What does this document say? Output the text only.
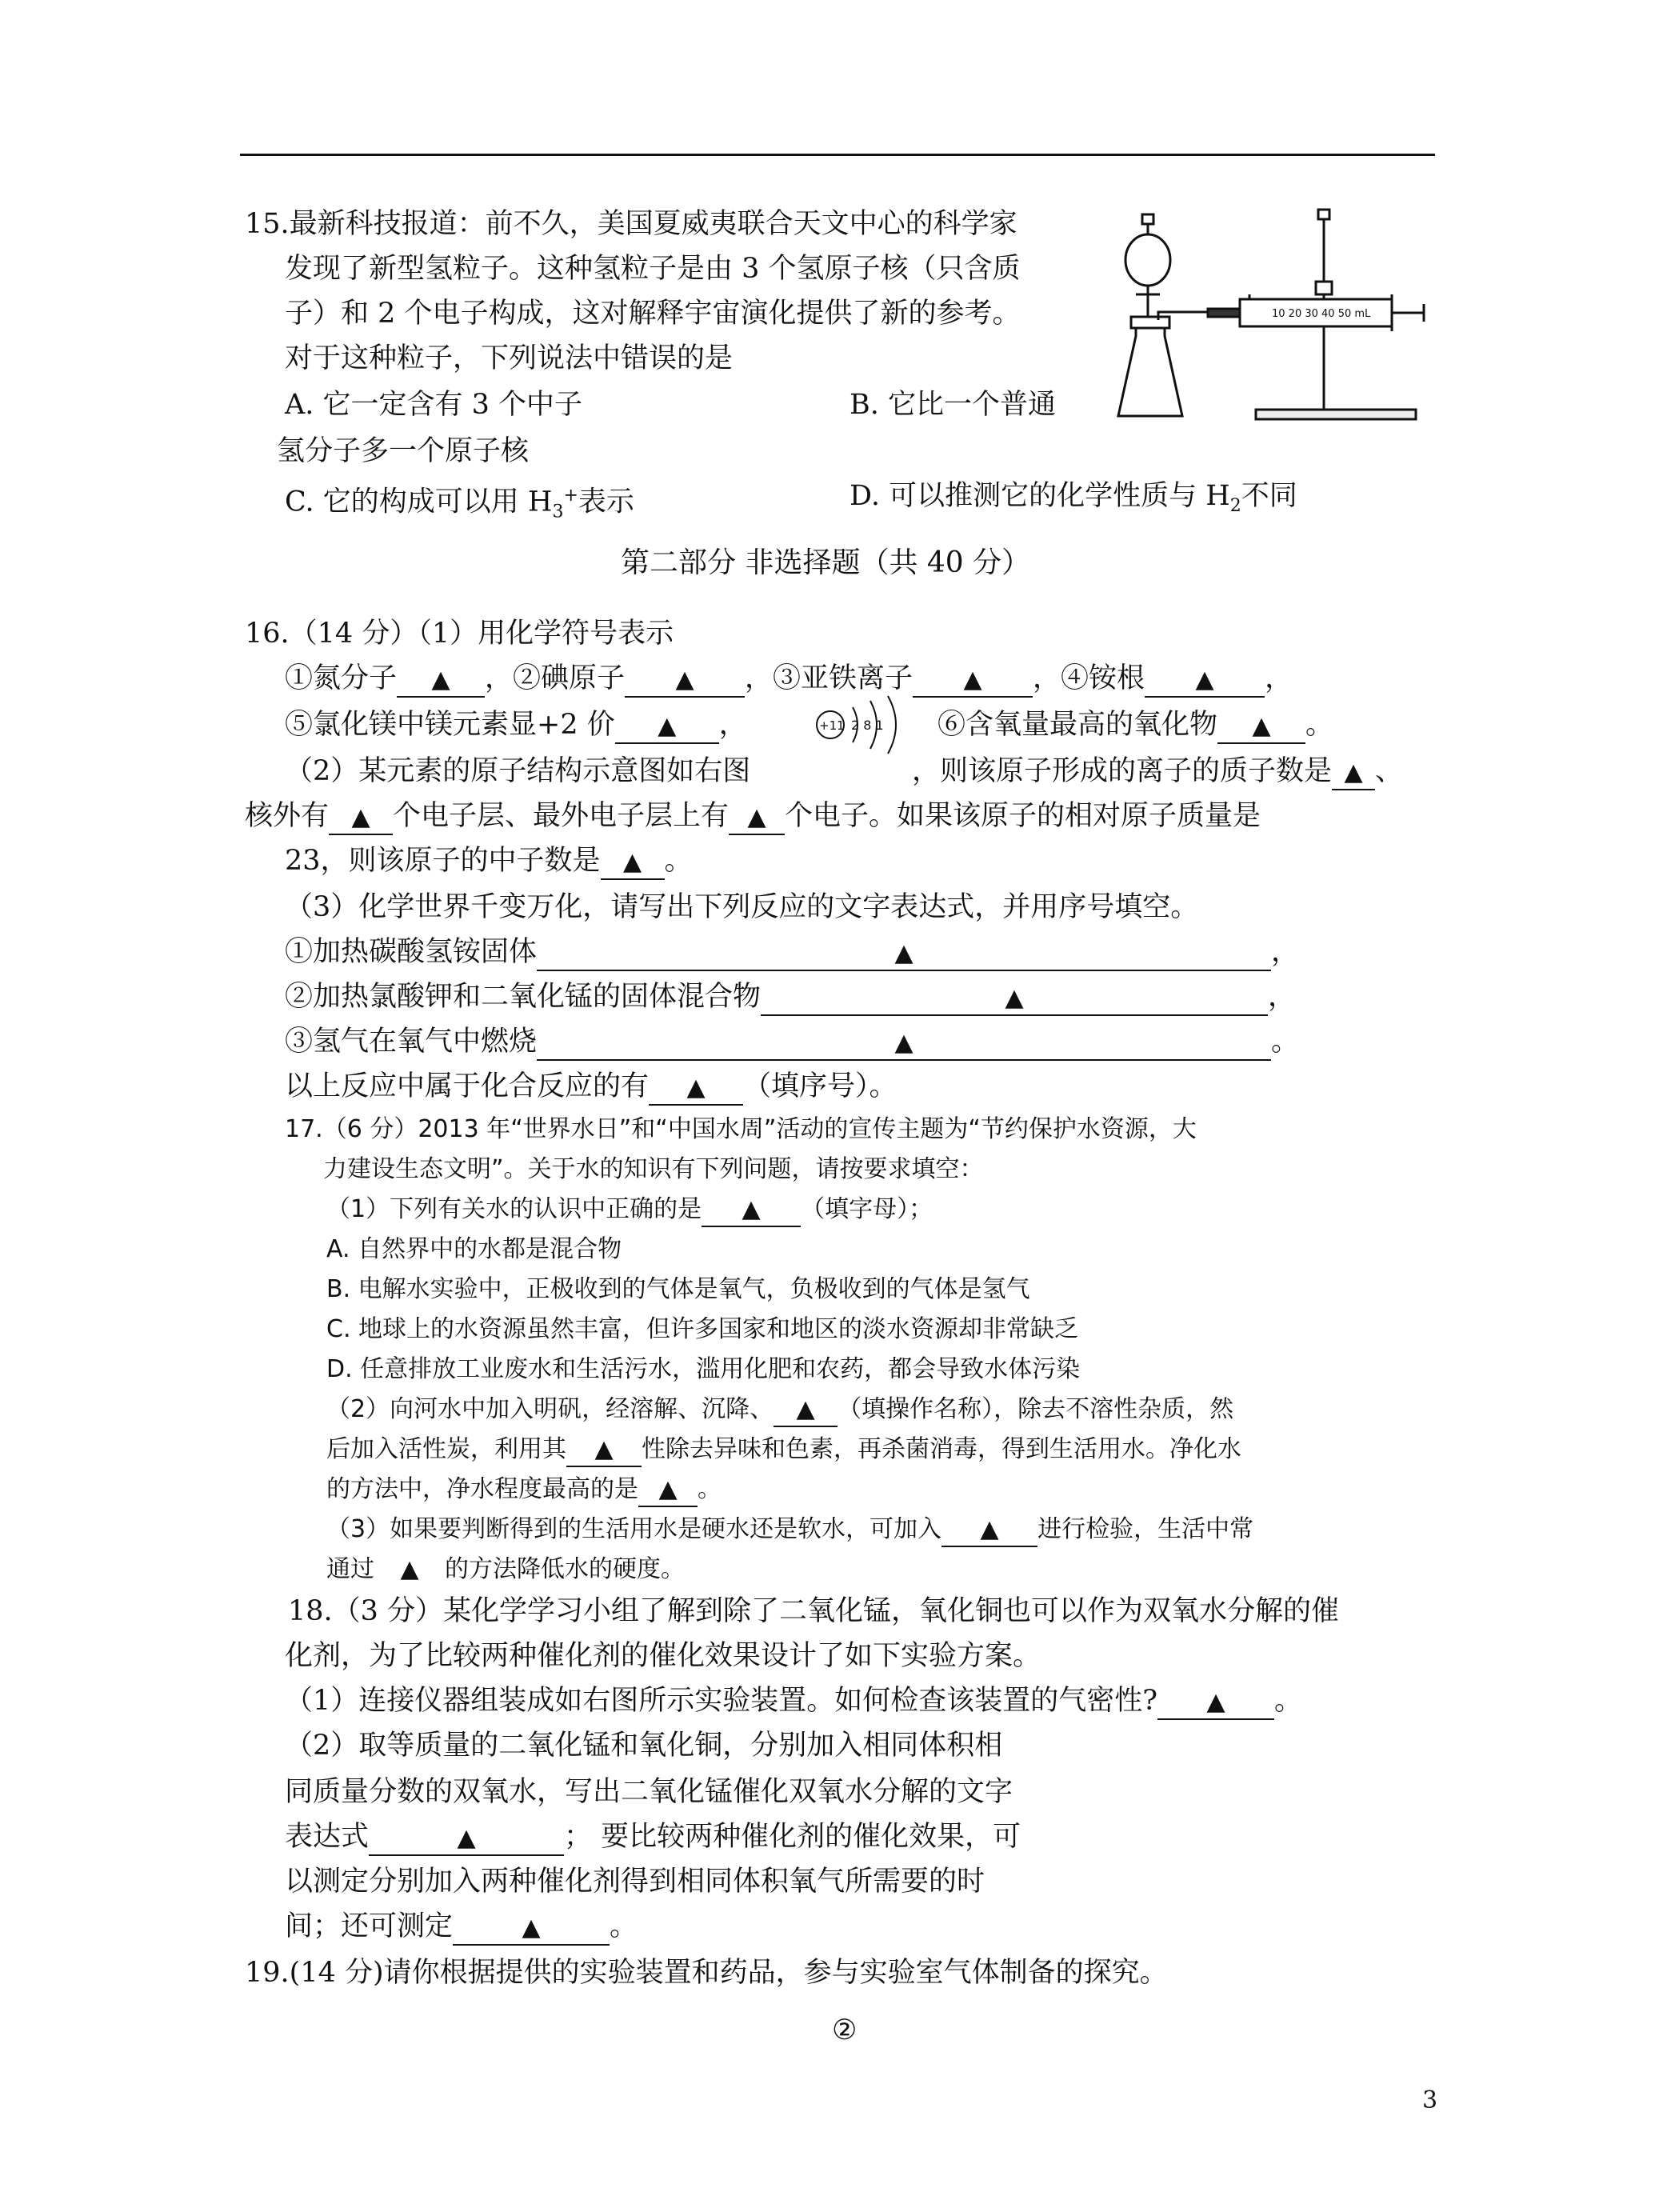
10 20 30 40 50 mL
15.最新科技报道：前不久，美国夏威夷联合天文中心的科学家
发现了新型氢粒子。这种氢粒子是由 3 个氢原子核（只含质
子）和 2 个电子构成，这对解释宇宙演化提供了新的参考。
对于这种粒子，下列说法中错误的是
A. 它一定含有 3 个中子	B. 它比一个普通
氢分子多一个原子核
C. 它的构成可以用 $H_3^+$表示	D. 可以推测它的化学性质与 $H_2$不同
第二部分 非选择题（共 40 分）
16.（14 分）（1）用化学符号表示
①氮分子 ▲ ，②碘原子 ▲ ，③亚铁离子 ▲ ，④铵根 ▲ ，
⑤氯化镁中镁元素显+2 价 ▲ ，	+11 2 8 1 ⑥含氧量最高的氧化物 ▲ 。
（2）某元素的原子结构示意图如右图	，则该原子形成的离子的质子数是 ▲ 、
核外有 ▲ 个电子层、最外电子层上有 ▲ 个电子。如果该原子的相对原子质量是
23，则该原子的中子数是 ▲ 。
（3）化学世界千变万化，请写出下列反应的文字表达式，并用序号填空。
①加热碳酸氢铵固体	▲	，
②加热氯酸钾和二氧化锰的固体混合物	▲	，
③氢气在氧气中燃烧	▲	。
以上反应中属于化合反应的有 ▲ （填序号）。
17.（6 分）2013 年“世界水日”和“中国水周”活动的宣传主题为“节约保护水资源，大
力建设生态文明”。关于水的知识有下列问题，请按要求填空：
（1）下列有关水的认识中正确的是 ▲ （填字母）；
A. 自然界中的水都是混合物
B. 电解水实验中，正极收到的气体是氧气，负极收到的气体是氢气
C. 地球上的水资源虽然丰富，但许多国家和地区的淡水资源却非常缺乏
D. 任意排放工业废水和生活污水，滥用化肥和农药，都会导致水体污染
（2）向河水中加入明矾，经溶解、沉降、 ▲ （填操作名称），除去不溶性杂质，然
后加入活性炭，利用其 ▲ 性除去异味和色素，再杀菌消毒，得到生活用水。净化水
的方法中，净水程度最高的是 ▲ 。
（3）如果要判断得到的生活用水是硬水还是软水，可加入 ▲ 进行检验，生活中常
通过 ▲ 的方法降低水的硬度。
18.（3 分）某化学学习小组了解到除了二氧化锰，氧化铜也可以作为双氧水分解的催
化剂，为了比较两种催化剂的催化效果设计了如下实验方案。
（1）连接仪器组装成如右图所示实验装置。如何检查该装置的气密性? ▲ 。
（2）取等质量的二氧化锰和氧化铜，分别加入相同体积相
同质量分数的双氧水，写出二氧化锰催化双氧水分解的文字
表达式	▲	； 要比较两种催化剂的催化效果，可
以测定分别加入两种催化剂得到相同体积氧气所需要的时
间；还可测定	▲ 。
19.(14 分)请你根据提供的实验装置和药品，参与实验室气体制备的探究。
②
3
